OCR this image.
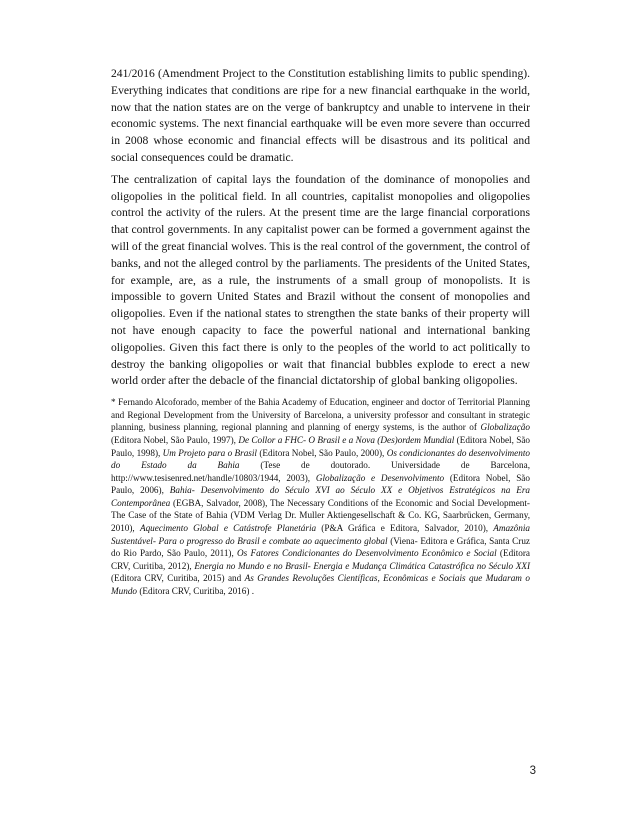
241/2016 (Amendment Project to the Constitution establishing limits to public spending). Everything indicates that conditions are ripe for a new financial earthquake in the world, now that the nation states are on the verge of bankruptcy and unable to intervene in their economic systems. The next financial earthquake will be even more severe than occurred in 2008 whose economic and financial effects will be disastrous and its political and social consequences could be dramatic.

The centralization of capital lays the foundation of the dominance of monopolies and oligopolies in the political field. In all countries, capitalist monopolies and oligopolies control the activity of the rulers. At the present time are the large financial corporations that control governments. In any capitalist power can be formed a government against the will of the great financial wolves. This is the real control of the government, the control of banks, and not the alleged control by the parliaments. The presidents of the United States, for example, are, as a rule, the instruments of a small group of monopolists. It is impossible to govern United States and Brazil without the consent of monopolies and oligopolies. Even if the national states to strengthen the state banks of their property will not have enough capacity to face the powerful national and international banking oligopolies. Given this fact there is only to the peoples of the world to act politically to destroy the banking oligopolies or wait that financial bubbles explode to erect a new world order after the debacle of the financial dictatorship of global banking oligopolies.

* Fernando Alcoforado, member of the Bahia Academy of Education, engineer and doctor of Territorial Planning and Regional Development from the University of Barcelona, a university professor and consultant in strategic planning, business planning, regional planning and planning of energy systems, is the author of Globalização (Editora Nobel, São Paulo, 1997), De Collor a FHC- O Brasil e a Nova (Des)ordem Mundial (Editora Nobel, São Paulo, 1998), Um Projeto para o Brasil (Editora Nobel, São Paulo, 2000), Os condicionantes do desenvolvimento do Estado da Bahia (Tese de doutorado. Universidade de Barcelona, http://www.tesisenred.net/handle/10803/1944, 2003), Globalização e Desenvolvimento (Editora Nobel, São Paulo, 2006), Bahia- Desenvolvimento do Século XVI ao Século XX e Objetivos Estratégicos na Era Contemporânea (EGBA, Salvador, 2008), The Necessary Conditions of the Economic and Social Development-The Case of the State of Bahia (VDM Verlag Dr. Muller Aktiengesellschaft & Co. KG, Saarbrücken, Germany, 2010), Aquecimento Global e Catástrofe Planetária (P&A Gráfica e Editora, Salvador, 2010), Amazônia Sustentável- Para o progresso do Brasil e combate ao aquecimento global (Viena- Editora e Gráfica, Santa Cruz do Rio Pardo, São Paulo, 2011), Os Fatores Condicionantes do Desenvolvimento Econômico e Social (Editora CRV, Curitiba, 2012), Energia no Mundo e no Brasil- Energia e Mudança Climática Catastrófica no Século XXI (Editora CRV, Curitiba, 2015) and As Grandes Revoluções Científicas, Econômicas e Sociais que Mudaram o Mundo (Editora CRV, Curitiba, 2016) .

3
